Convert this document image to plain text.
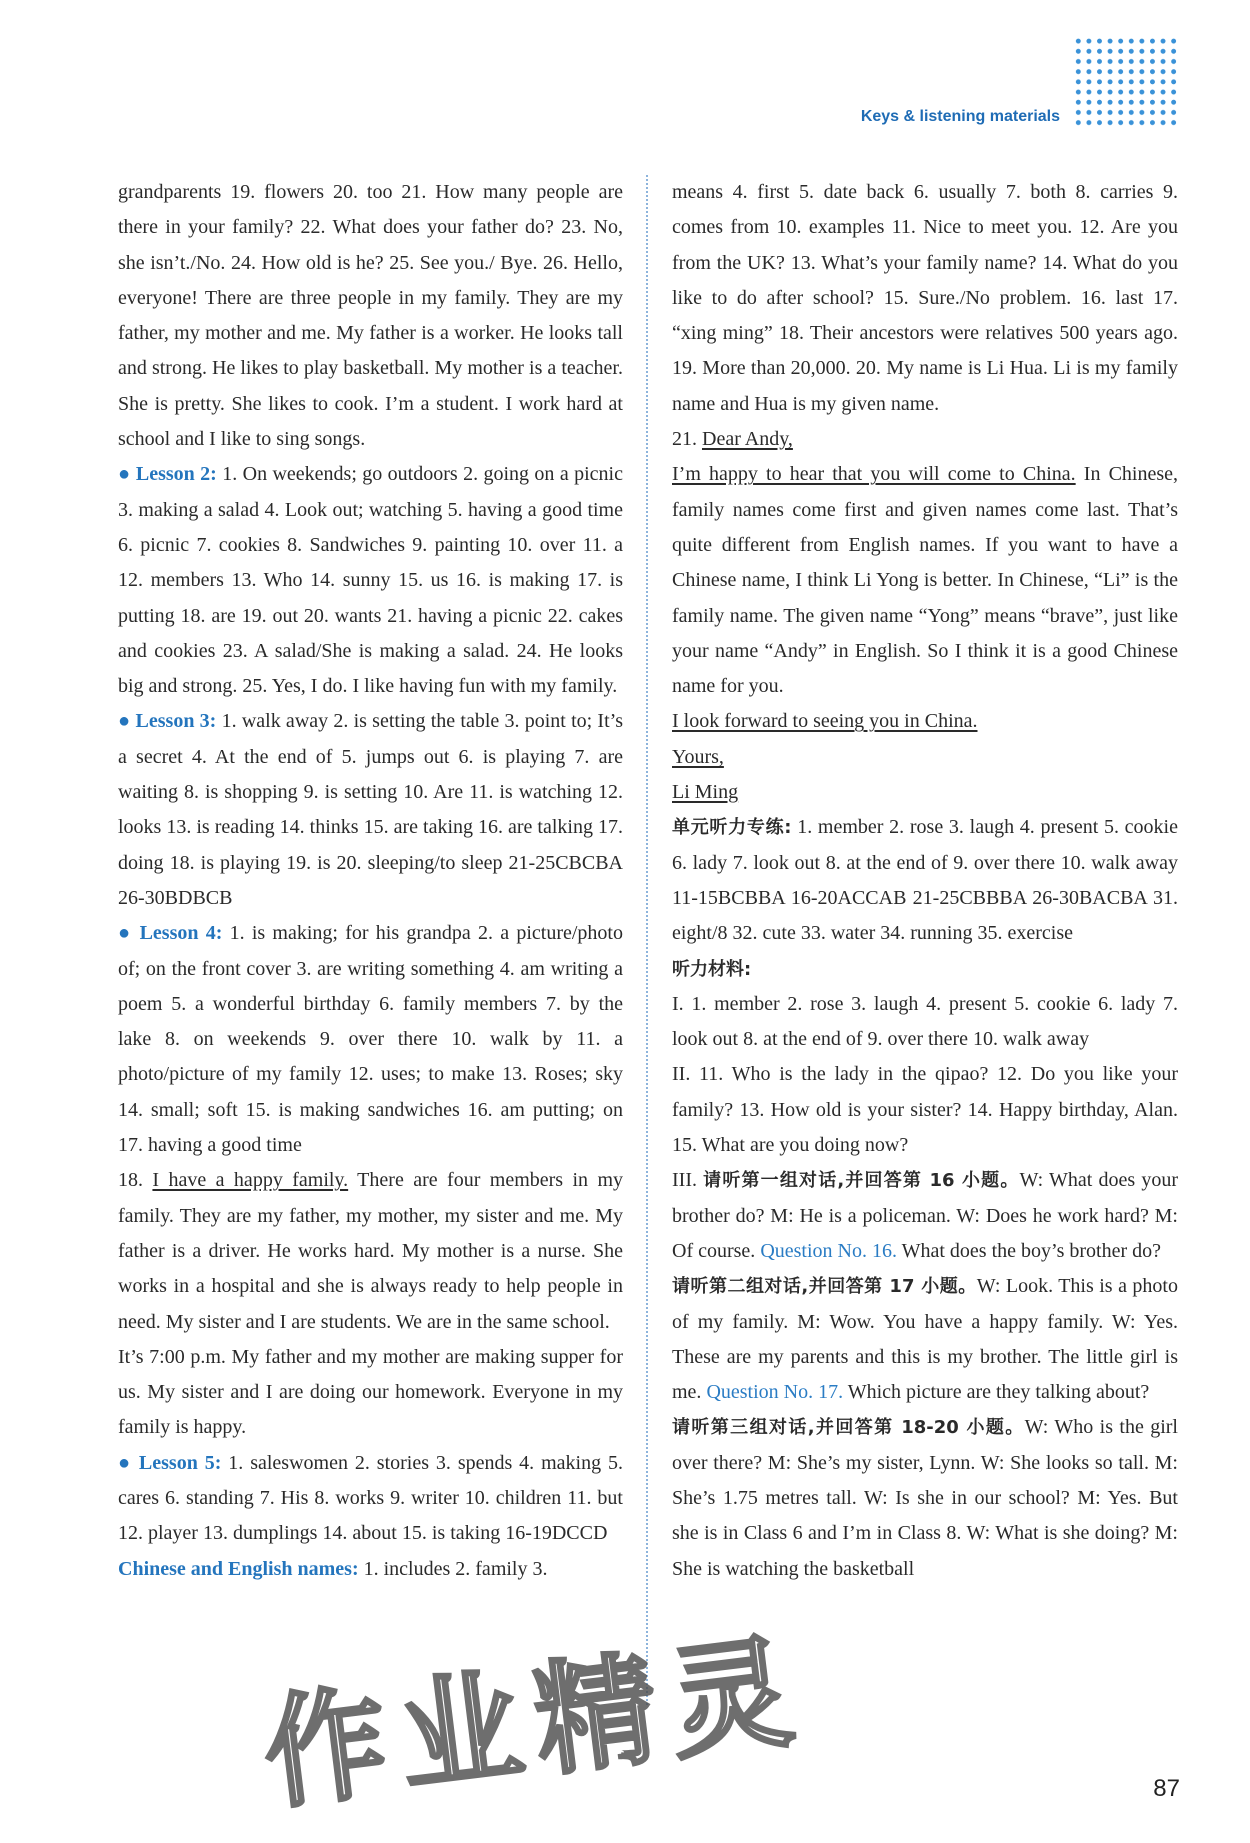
Keys & listening materials

grandparents 19. flowers 20. too 21. How many people are there in your family? 22. What does your father do? 23. No, she isn’t./No. 24. How old is he? 25. See you./ Bye. 26. Hello, everyone! There are three people in my family. They are my father, my mother and me. My father is a worker. He looks tall and strong. He likes to play basketball. My mother is a teacher. She is pretty. She likes to cook. I’m a student. I work hard at school and I like to sing songs.

● Lesson 2: 1. On weekends; go outdoors 2. going on a picnic 3. making a salad 4. Look out; watching 5. having a good time 6. picnic 7. cookies 8. Sandwiches 9. painting 10. over 11. a 12. members 13. Who 14. sunny 15. us 16. is making 17. is putting 18. are 19. out 20. wants 21. having a picnic 22. cakes and cookies 23. A salad/She is making a salad. 24. He looks big and strong. 25. Yes, I do. I like having fun with my family.

● Lesson 3: 1. walk away 2. is setting the table 3. point to; It’s a secret 4. At the end of 5. jumps out 6. is playing 7. are waiting 8. is shopping 9. is setting 10. Are 11. is watching 12. looks 13. is reading 14. thinks 15. are taking 16. are talking 17. doing 18. is playing 19. is 20. sleeping/to sleep 21-25CBCBA 26-30BDBCB

● Lesson 4: 1. is making; for his grandpa 2. a picture/photo of; on the front cover 3. are writing something 4. am writing a poem 5. a wonderful birthday 6. family members 7. by the lake 8. on weekends 9. over there 10. walk by 11. a photo/picture of my family 12. uses; to make 13. Roses; sky 14. small; soft 15. is making sandwiches 16. am putting; on 17. having a good time

18. I have a happy family. There are four members in my family. They are my father, my mother, my sister and me. My father is a driver. He works hard. My mother is a nurse. She works in a hospital and she is always ready to help people in need. My sister and I are students. We are in the same school.

It’s 7:00 p.m. My father and my mother are making supper for us. My sister and I are doing our homework. Everyone in my family is happy.

● Lesson 5: 1. saleswomen 2. stories 3. spends 4. making 5. cares 6. standing 7. His 8. works 9. writer 10. children 11. but 12. player 13. dumplings 14. about 15. is taking 16-19DCCD

Chinese and English names: 1. includes 2. family 3.

means 4. first 5. date back 6. usually 7. both 8. carries 9. comes from 10. examples 11. Nice to meet you. 12. Are you from the UK? 13. What’s your family name? 14. What do you like to do after school? 15. Sure./No problem. 16. last 17. “xing ming” 18. Their ancestors were relatives 500 years ago. 19. More than 20,000. 20. My name is Li Hua. Li is my family name and Hua is my given name.

21. Dear Andy,

I’m happy to hear that you will come to China. In Chinese, family names come first and given names come last. That’s quite different from English names. If you want to have a Chinese name, I think Li Yong is better. In Chinese, “Li” is the family name. The given name “Yong” means “brave”, just like your name “Andy” in English. So I think it is a good Chinese name for you.

I look forward to seeing you in China.

Yours,

Li Ming

单元听力专练: 1. member 2. rose 3. laugh 4. present 5. cookie 6. lady 7. look out 8. at the end of 9. over there 10. walk away 11-15BCBBA 16-20ACCAB 21-25CBBBA 26-30BACBA 31. eight/8 32. cute 33. water 34. running 35. exercise

听力材料:

I. 1. member 2. rose 3. laugh 4. present 5. cookie 6. lady 7. look out 8. at the end of 9. over there 10. walk away

II. 11. Who is the lady in the qipao? 12. Do you like your family? 13. How old is your sister? 14. Happy birthday, Alan. 15. What are you doing now?

III. 请听第一组对话,并回答第 16 小题。W: What does your brother do? M: He is a policeman. W: Does he work hard? M: Of course. Question No. 16. What does the boy’s brother do?

请听第二组对话,并回答第 17 小题。W: Look. This is a photo of my family. M: Wow. You have a happy family. W: Yes. These are my parents and this is my brother. The little girl is me. Question No. 17. Which picture are they talking about?

请听第三组对话,并回答第 18-20 小题。W: Who is the girl over there? M: She’s my sister, Lynn. W: She looks so tall. M: She’s 1.75 metres tall. W: Is she in our school? M: Yes. But she is in Class 6 and I’m in Class 8. W: What is she doing? M: She is watching the basketball

作业精灵	87
